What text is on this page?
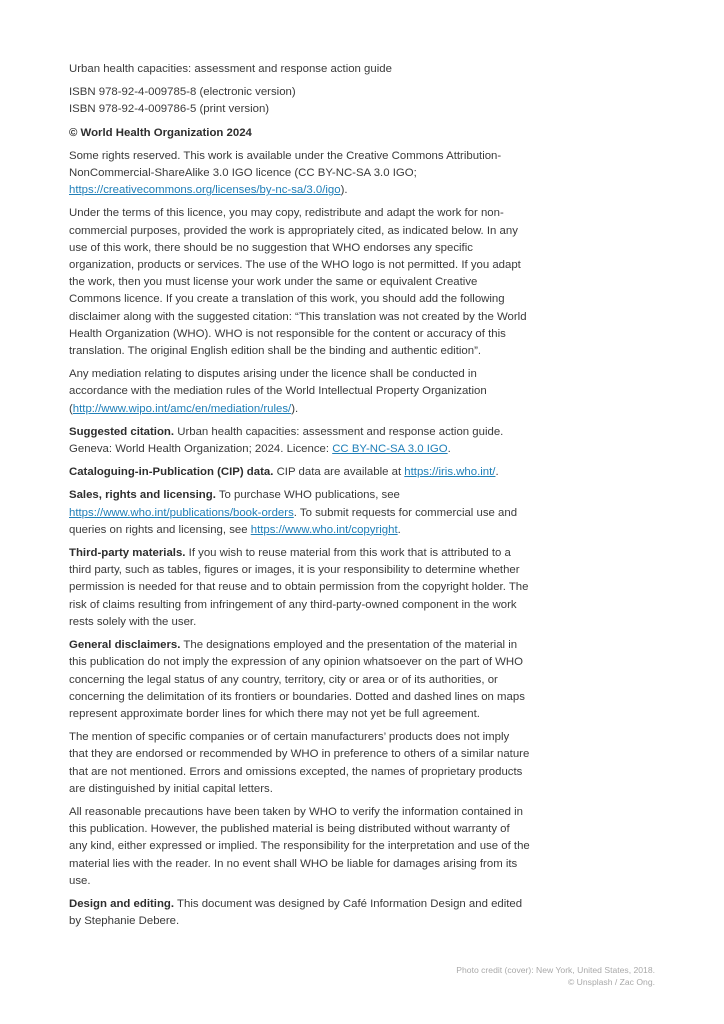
Urban health capacities: assessment and response action guide

ISBN 978-92-4-009785-8 (electronic version)
ISBN 978-92-4-009786-5 (print version)

© World Health Organization 2024

Some rights reserved. This work is available under the Creative Commons Attribution-NonCommercial-ShareAlike 3.0 IGO licence (CC BY-NC-SA 3.0 IGO; https://creativecommons.org/licenses/by-nc-sa/3.0/igo).

Under the terms of this licence, you may copy, redistribute and adapt the work for non-commercial purposes, provided the work is appropriately cited, as indicated below. In any use of this work, there should be no suggestion that WHO endorses any specific organization, products or services. The use of the WHO logo is not permitted. If you adapt the work, then you must license your work under the same or equivalent Creative Commons licence. If you create a translation of this work, you should add the following disclaimer along with the suggested citation: “This translation was not created by the World Health Organization (WHO). WHO is not responsible for the content or accuracy of this translation. The original English edition shall be the binding and authentic edition”.

Any mediation relating to disputes arising under the licence shall be conducted in accordance with the mediation rules of the World Intellectual Property Organization (http://www.wipo.int/amc/en/mediation/rules/).

Suggested citation. Urban health capacities: assessment and response action guide. Geneva: World Health Organization; 2024. Licence: CC BY-NC-SA 3.0 IGO.

Cataloguing-in-Publication (CIP) data. CIP data are available at https://iris.who.int/.

Sales, rights and licensing. To purchase WHO publications, see https://www.who.int/publications/book-orders. To submit requests for commercial use and queries on rights and licensing, see https://www.who.int/copyright.

Third-party materials. If you wish to reuse material from this work that is attributed to a third party, such as tables, figures or images, it is your responsibility to determine whether permission is needed for that reuse and to obtain permission from the copyright holder. The risk of claims resulting from infringement of any third-party-owned component in the work rests solely with the user.

General disclaimers. The designations employed and the presentation of the material in this publication do not imply the expression of any opinion whatsoever on the part of WHO concerning the legal status of any country, territory, city or area or of its authorities, or concerning the delimitation of its frontiers or boundaries. Dotted and dashed lines on maps represent approximate border lines for which there may not yet be full agreement.

The mention of specific companies or of certain manufacturers’ products does not imply that they are endorsed or recommended by WHO in preference to others of a similar nature that are not mentioned. Errors and omissions excepted, the names of proprietary products are distinguished by initial capital letters.

All reasonable precautions have been taken by WHO to verify the information contained in this publication. However, the published material is being distributed without warranty of any kind, either expressed or implied. The responsibility for the interpretation and use of the material lies with the reader. In no event shall WHO be liable for damages arising from its use.

Design and editing. This document was designed by Café Information Design and edited by Stephanie Debere.

Photo credit (cover): New York, United States, 2018.
© Unsplash / Zac Ong.
